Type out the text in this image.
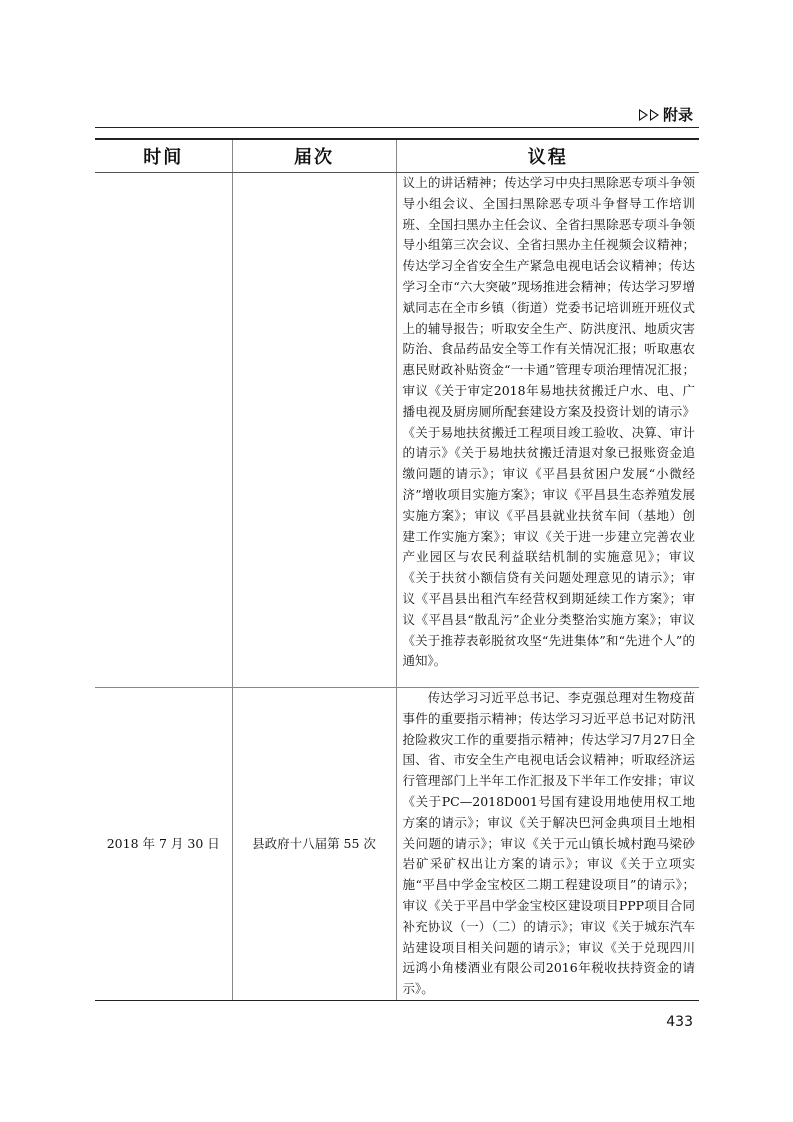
附录
时间	届次	议程
		议上的讲话精神；传达学习中央扫黑除恶专项斗争领导小组会议、全国扫黑除恶专项斗争督导工作培训班、全国扫黑办主任会议、全省扫黑除恶专项斗争领导小组第三次会议、全省扫黑办主任视频会议精神；传达学习全省安全生产紧急电视电话会议精神；传达学习全市“六大突破”现场推进会精神；传达学习罗增斌同志在全市乡镇（街道）党委书记培训班开班仪式上的辅导报告；听取安全生产、防洪度汛、地质灾害防治、食品药品安全等工作有关情况汇报；听取惠农惠民财政补贴资金“一卡通”管理专项治理情况汇报；审议《关于审定2018年易地扶贫搬迁户水、电、广播电视及厨房厕所配套建设方案及投资计划的请示》《关于易地扶贫搬迁工程项目竣工验收、决算、审计的请示》《关于易地扶贫搬迁清退对象已报账资金追缴问题的请示》；审议《平昌县贫困户发展“小微经济”增收项目实施方案》；审议《平昌县生态养殖发展实施方案》；审议《平昌县就业扶贫车间（基地）创建工作实施方案》；审议《关于进一步建立完善农业产业园区与农民利益联结机制的实施意见》；审议《关于扶贫小额信贷有关问题处理意见的请示》；审议《平昌县出租汽车经营权到期延续工作方案》；审议《平昌县“散乱污”企业分类整治实施方案》；审议《关于推荐表彰脱贫攻坚“先进集体”和“先进个人”的通知》。
2018 年 7 月 30 日	县政府十八届第 55 次	传达学习习近平总书记、李克强总理对生物疫苗事件的重要指示精神；传达学习习近平总书记对防汛抢险救灾工作的重要指示精神；传达学习7月27日全国、省、市安全生产电视电话会议精神；听取经济运行管理部门上半年工作汇报及下半年工作安排；审议《关于PC—2018D001号国有建设用地使用权工地方案的请示》；审议《关于解决巴河金典项目土地相关问题的请示》；审议《关于元山镇长城村跑马梁砂岩矿采矿权出让方案的请示》；审议《关于立项实施“平昌中学金宝校区二期工程建设项目”的请示》；审议《关于平昌中学金宝校区建设项目PPP项目合同补充协议（一）（二）的请示》；审议《关于城东汽车站建设项目相关问题的请示》；审议《关于兑现四川远鸿小角楼酒业有限公司2016年税收扶持资金的请示》。
433
